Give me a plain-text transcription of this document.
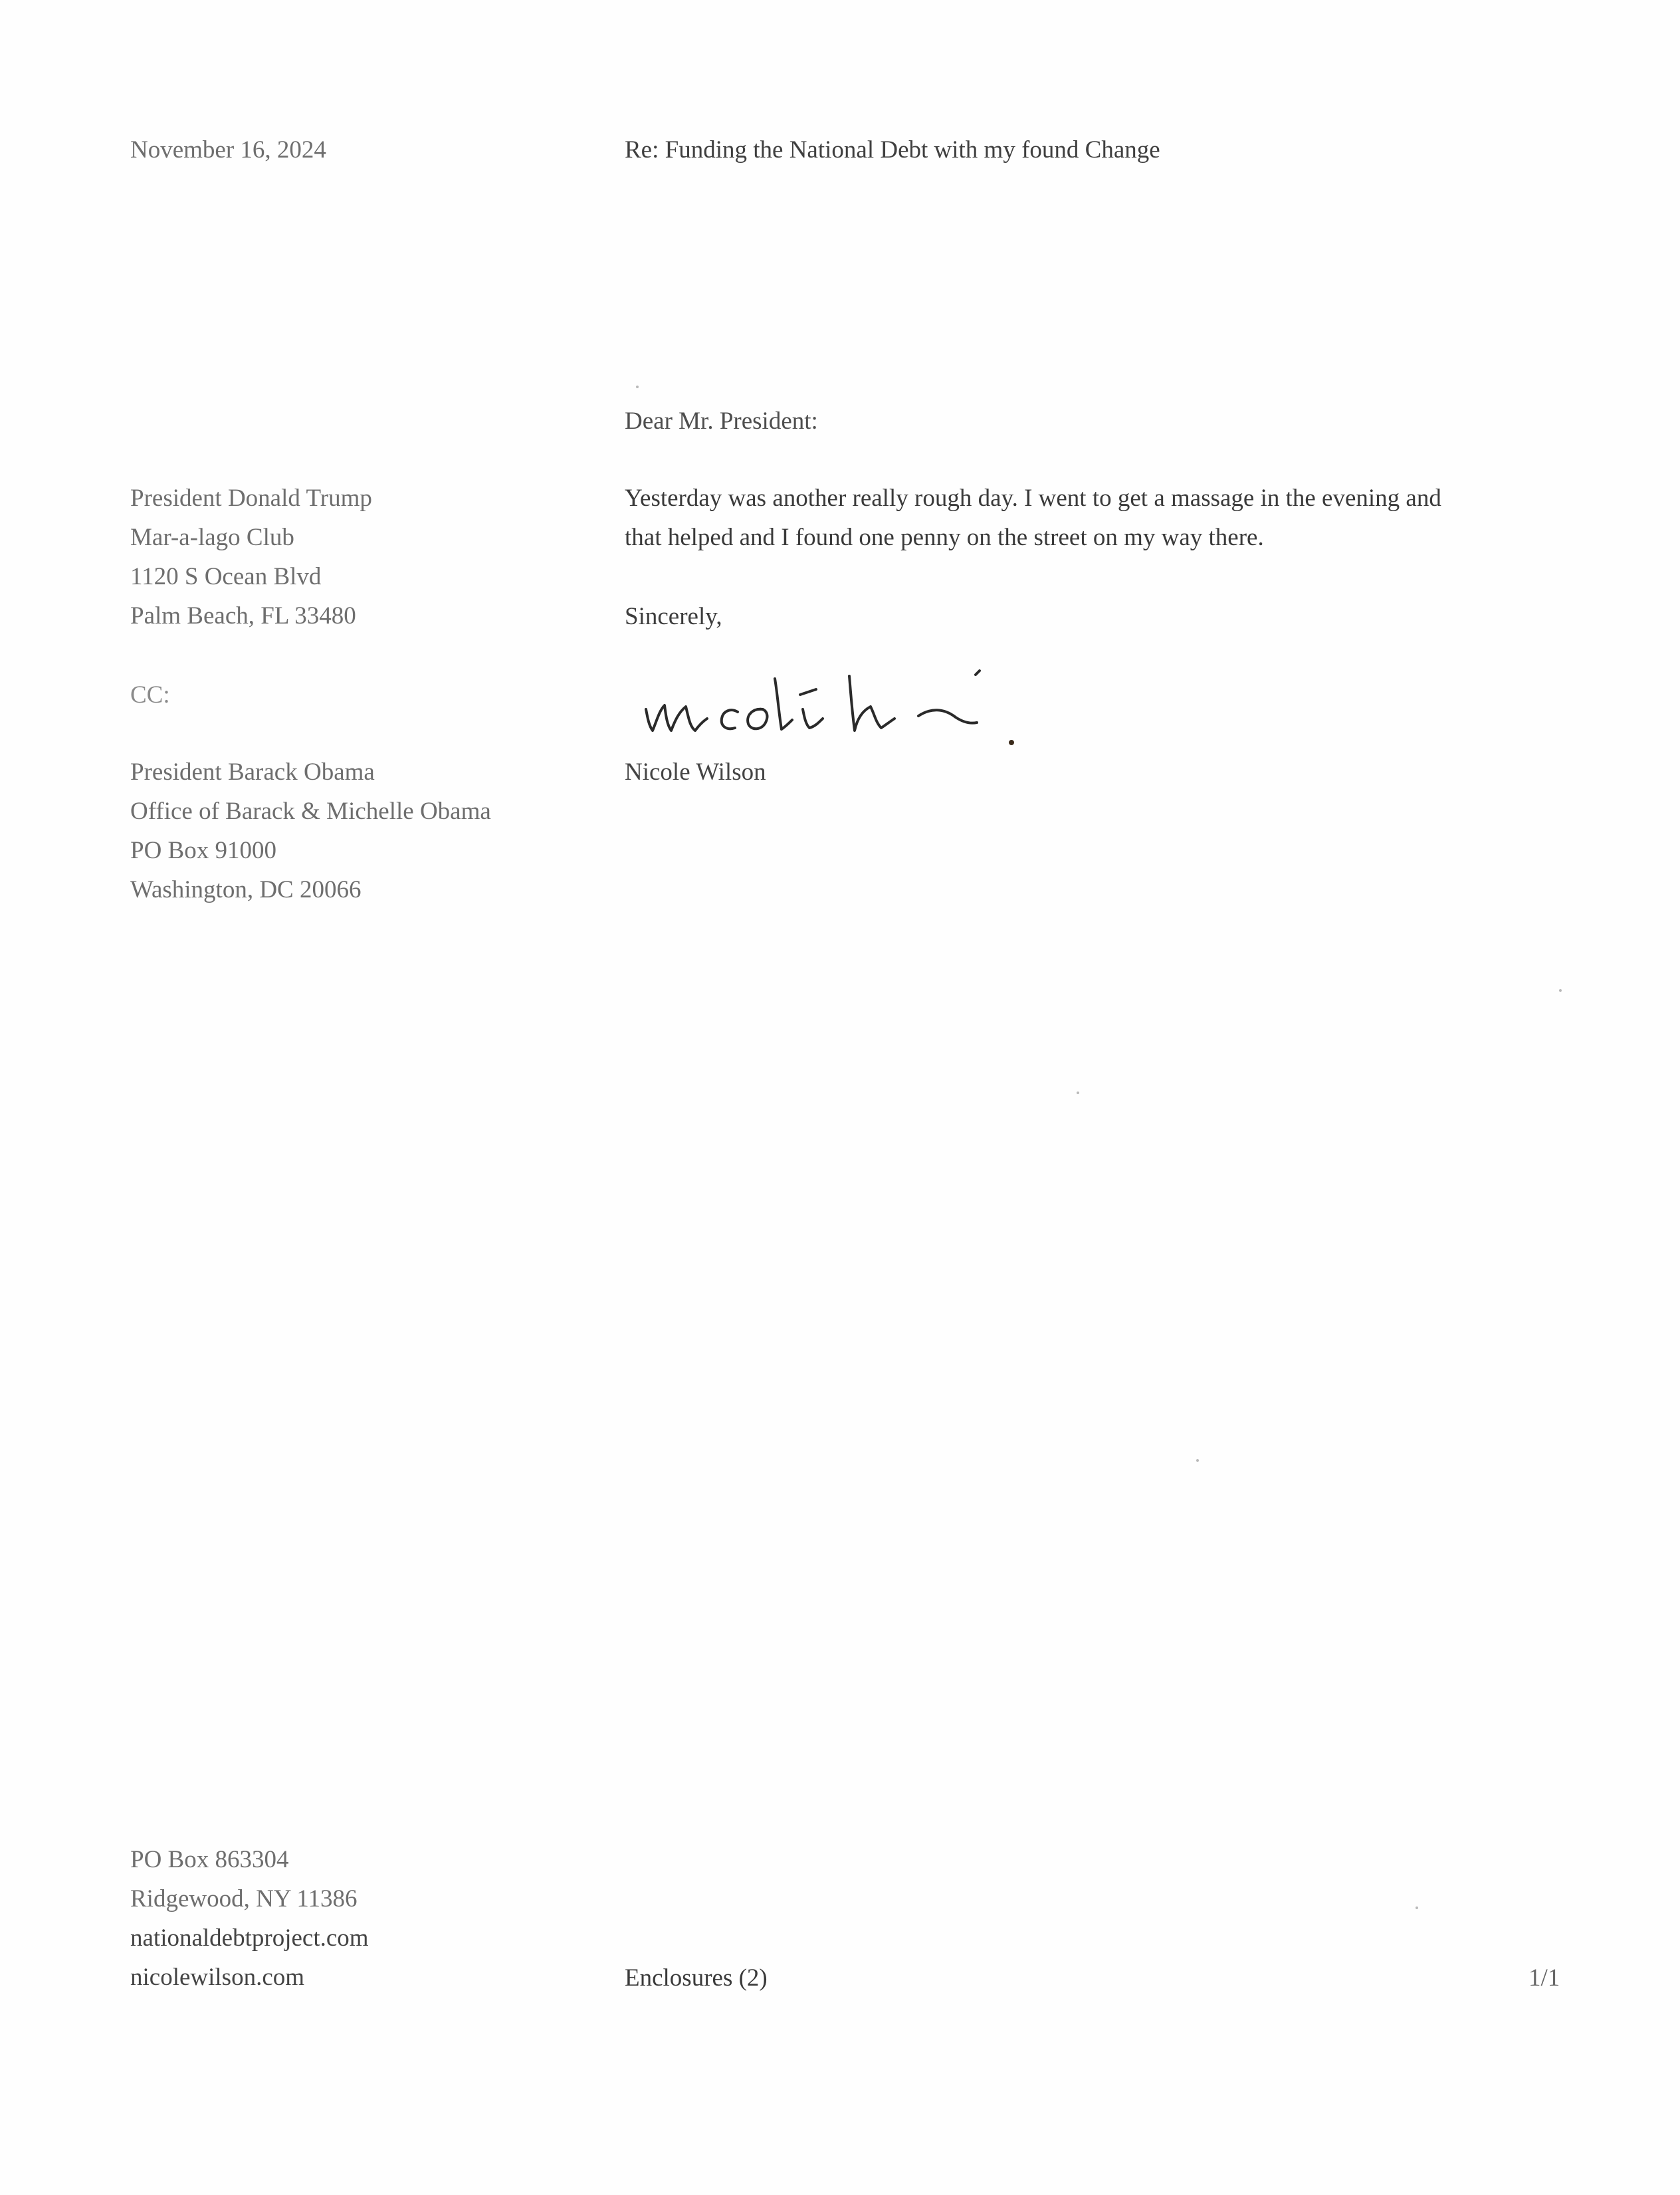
November 16, 2024	Re: Funding the National Debt with my found Change
Dear Mr. President:
President Donald Trump
Mar-a-lago Club
1120 S Ocean Blvd
Palm Beach, FL 33480
Yesterday was another really rough day. I went to get a massage in the evening and
that helped and I found one penny on the street on my way there.
Sincerely,
CC:
President Barack Obama
Office of Barack & Michelle Obama
PO Box 91000
Washington, DC 20066
Nicole Wilson
PO Box 863304
Ridgewood, NY 11386
nationaldebtproject.com
nicolewilson.com	Enclosures (2)	1/1
